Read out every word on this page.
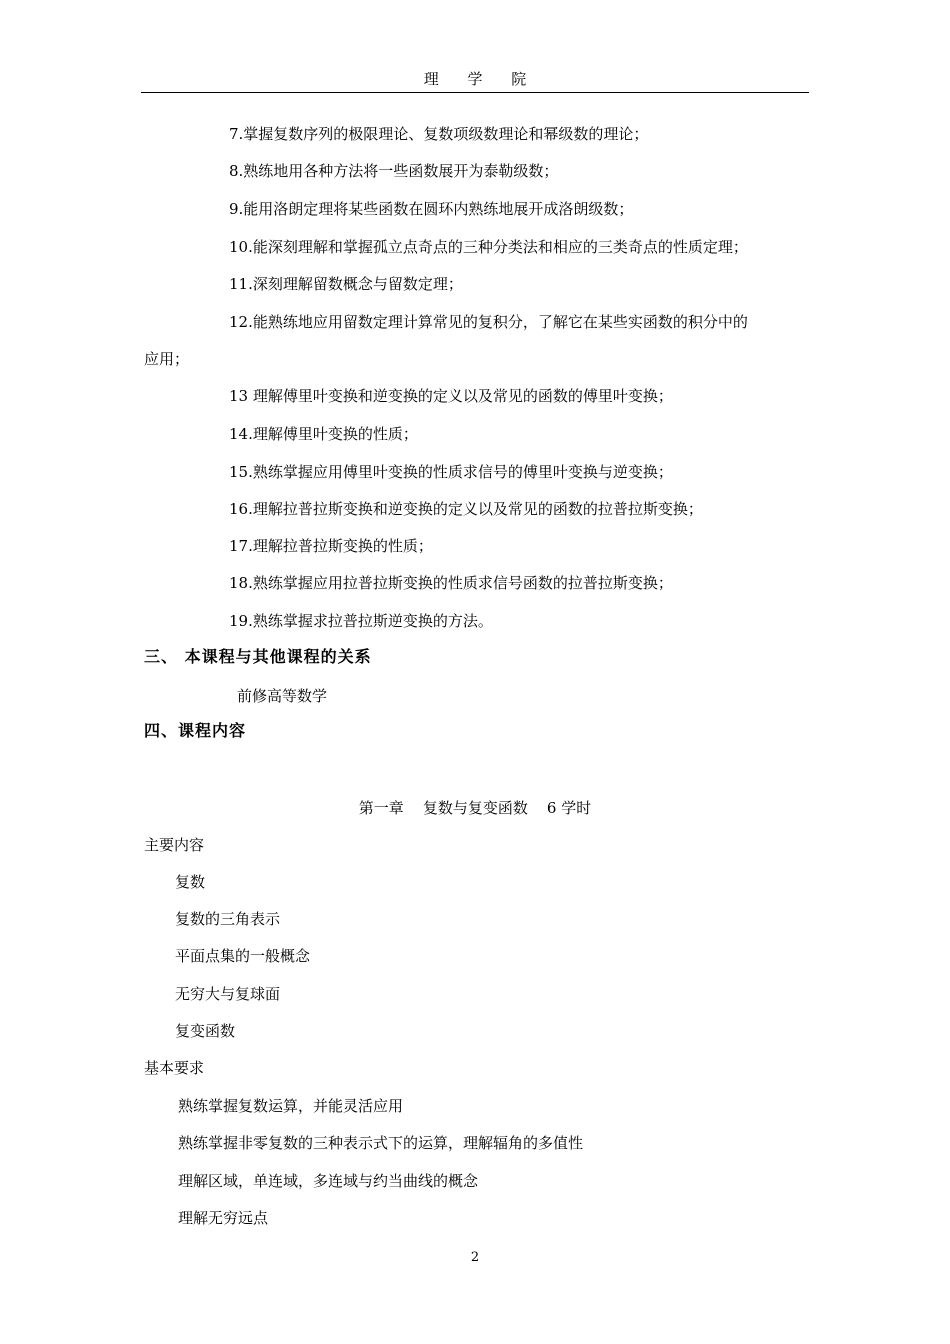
理 学 院
7.掌握复数序列的极限理论、复数项级数理论和幂级数的理论；
8.熟练地用各种方法将一些函数展开为泰勒级数；
9.能用洛朗定理将某些函数在圆环内熟练地展开成洛朗级数；
10.能深刻理解和掌握孤立点奇点的三种分类法和相应的三类奇点的性质定理；
11.深刻理解留数概念与留数定理；
12.能熟练地应用留数定理计算常见的复积分，了解它在某些实函数的积分中的
应用；
13 理解傅里叶变换和逆变换的定义以及常见的函数的傅里叶变换；
14.理解傅里叶变换的性质；
15.熟练掌握应用傅里叶变换的性质求信号的傅里叶变换与逆变换；
16.理解拉普拉斯变换和逆变换的定义以及常见的函数的拉普拉斯变换；
17.理解拉普拉斯变换的性质；
18.熟练掌握应用拉普拉斯变换的性质求信号函数的拉普拉斯变换；
19.熟练掌握求拉普拉斯逆变换的方法。
三、 本课程与其他课程的关系
前修高等数学
四、课程内容
第一章    复数与复变函数    6 学时
主要内容
复数
复数的三角表示
平面点集的一般概念
无穷大与复球面
复变函数
基本要求
熟练掌握复数运算，并能灵活应用
熟练掌握非零复数的三种表示式下的运算，理解辐角的多值性
理解区域，单连域，多连域与约当曲线的概念
理解无穷远点
2
